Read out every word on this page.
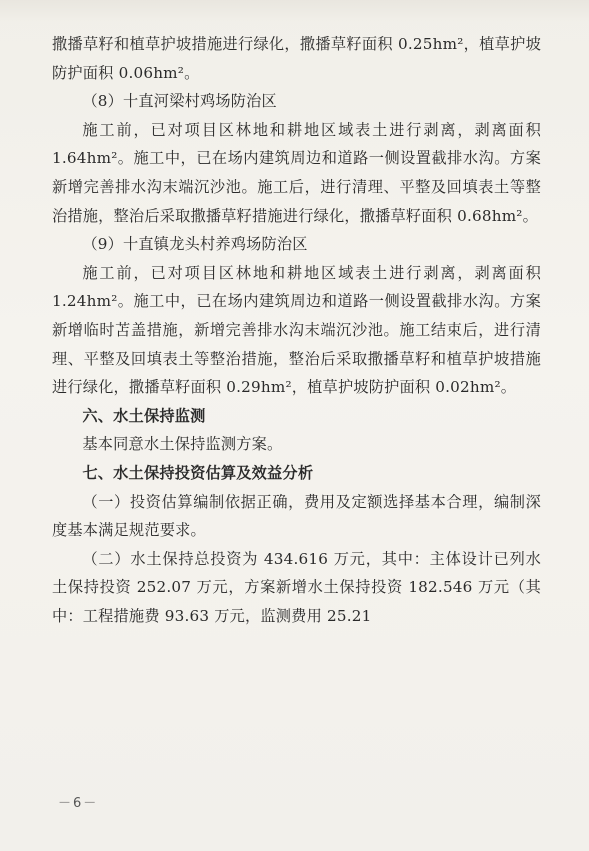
撒播草籽和植草护坡措施进行绿化，撒播草籽面积 0.25hm²，植草护坡防护面积 0.06hm²。

（8）十直河梁村鸡场防治区

施工前，已对项目区林地和耕地区域表土进行剥离，剥离面积 1.64hm²。施工中，已在场内建筑周边和道路一侧设置截排水沟。方案新增完善排水沟末端沉沙池。施工后，进行清理、平整及回填表土等整治措施，整治后采取撒播草籽措施进行绿化，撒播草籽面积 0.68hm²。

（9）十直镇龙头村养鸡场防治区

施工前，已对项目区林地和耕地区域表土进行剥离，剥离面积 1.24hm²。施工中，已在场内建筑周边和道路一侧设置截排水沟。方案新增临时苫盖措施，新增完善排水沟末端沉沙池。施工结束后，进行清理、平整及回填表土等整治措施，整治后采取撒播草籽和植草护坡措施进行绿化，撒播草籽面积 0.29hm²，植草护坡防护面积 0.02hm²。

六、水土保持监测

基本同意水土保持监测方案。

七、水土保持投资估算及效益分析

（一）投资估算编制依据正确，费用及定额选择基本合理，编制深度基本满足规范要求。

（二）水土保持总投资为 434.616 万元，其中：主体设计已列水土保持投资 252.07 万元，方案新增水土保持投资 182.546 万元（其中：工程措施费 93.63 万元，监测费用 25.21

－6－
